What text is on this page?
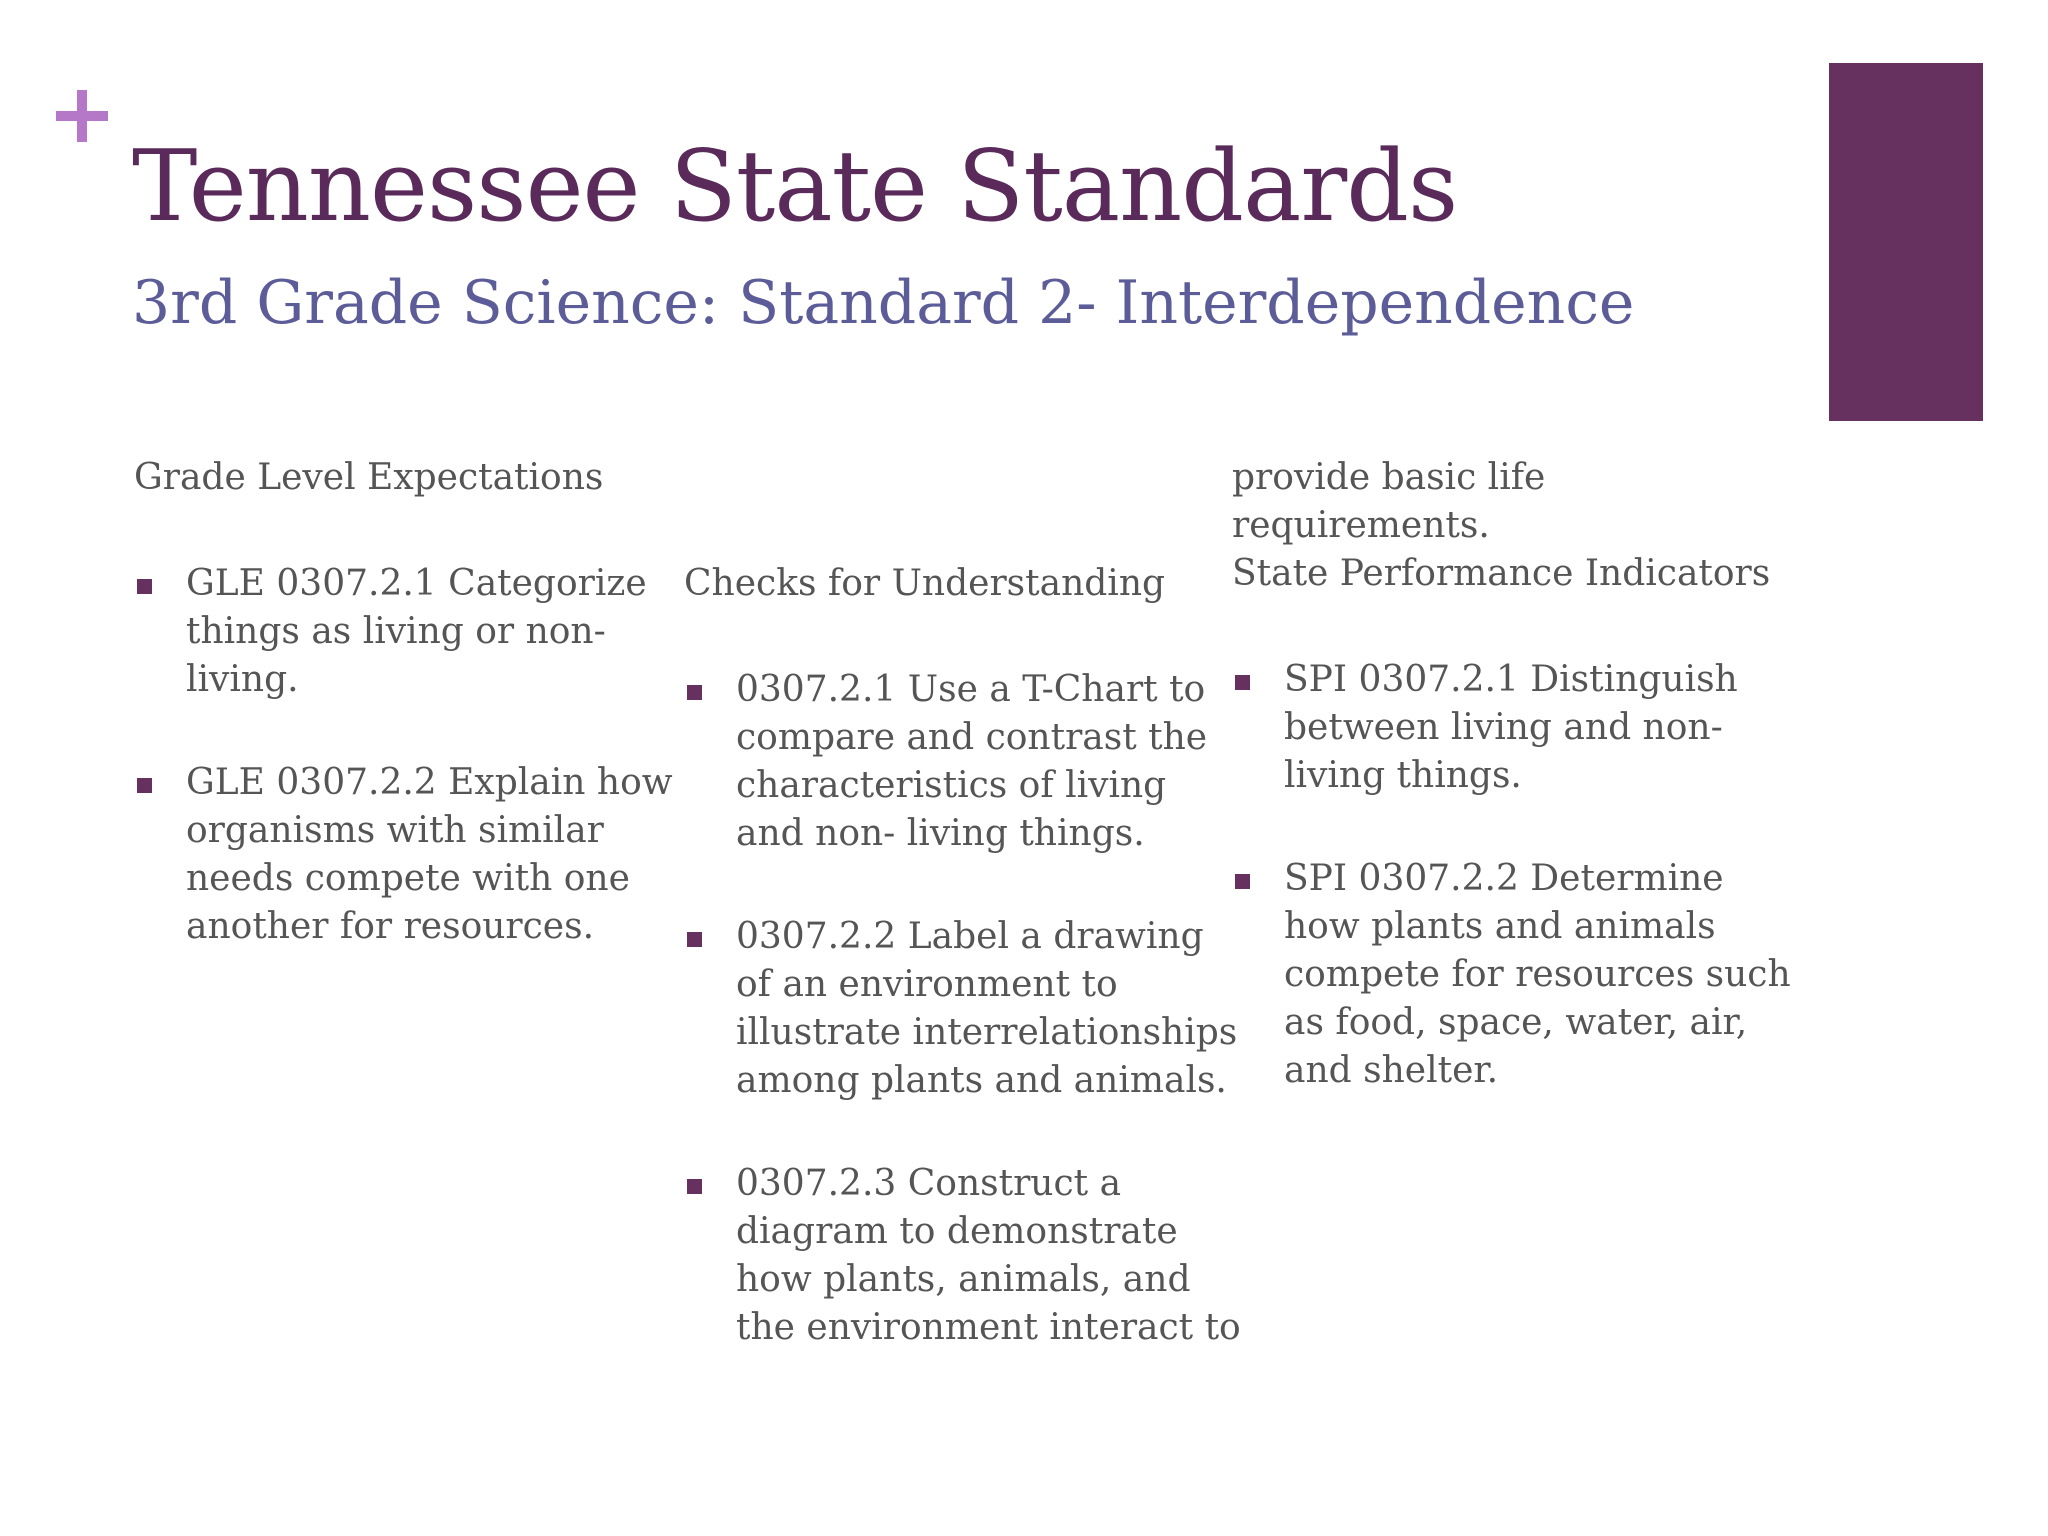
Tennessee State Standards
3rd Grade Science: Standard 2- Interdependence

Grade Level Expectations

GLE 0307.2.1 Categorize things as living or non-living.
GLE 0307.2.2 Explain how organisms with similar needs compete with one another for resources.

Checks for Understanding

0307.2.1 Use a T-Chart to compare and contrast the characteristics of living and non- living things.
0307.2.2 Label a drawing of an environment to illustrate interrelationships among plants and animals.
0307.2.3 Construct a diagram to demonstrate how plants, animals, and the environment interact to

provide basic life requirements.

State Performance Indicators

SPI 0307.2.1 Distinguish between living and non-living things.
SPI 0307.2.2 Determine how plants and animals compete for resources such as food, space, water, air, and shelter.
